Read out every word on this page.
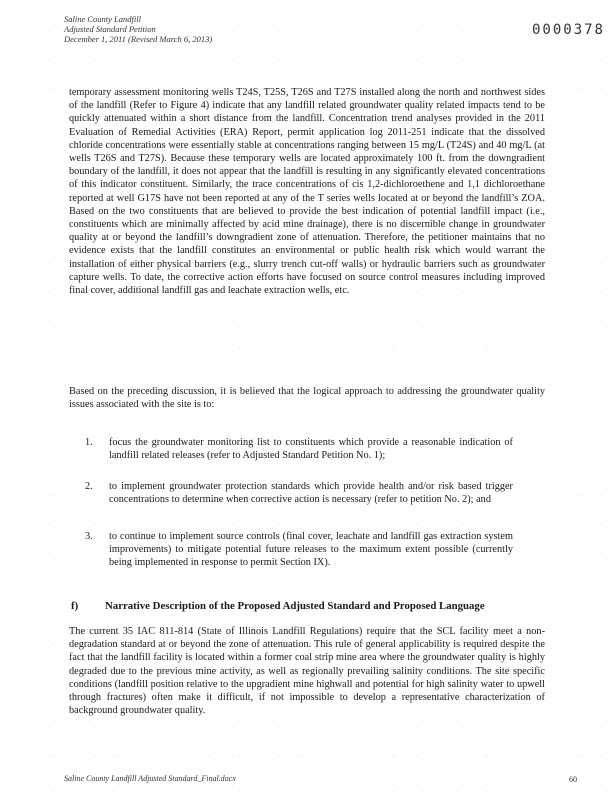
Saline County Landfill
Adjusted Standard Petition
December 1, 2011 (Revised March 6, 2013)
0000378

temporary assessment monitoring wells T24S, T25S, T26S and T27S installed along the north and northwest sides of the landfill (Refer to Figure 4) indicate that any landfill related groundwater quality related impacts tend to be quickly attenuated within a short distance from the landfill. Concentration trend analyses provided in the 2011 Evaluation of Remedial Activities (ERA) Report, permit application log 2011-251 indicate that the dissolved chloride concentrations were essentially stable at concentrations ranging between 15 mg/L (T24S) and 40 mg/L (at wells T26S and T27S). Because these temporary wells are located approximately 100 ft. from the downgradient boundary of the landfill, it does not appear that the landfill is resulting in any significantly elevated concentrations of this indicator constituent. Similarly, the trace concentrations of cis 1,2-dichloroethene and 1,1 dichloroethane reported at well G17S have not been reported at any of the T series wells located at or beyond the landfill’s ZOA. Based on the two constituents that are believed to provide the best indication of potential landfill impact (i.e., constituents which are minimally affected by acid mine drainage), there is no discernible change in groundwater quality at or beyond the landfill’s downgradient zone of attenuation. Therefore, the petitioner maintains that no evidence exists that the landfill constitutes an environmental or public health risk which would warrant the installation of either physical barriers (e.g., slurry trench cut-off walls) or hydraulic barriers such as groundwater capture wells. To date, the corrective action efforts have focused on source control measures including improved final cover, additional landfill gas and leachate extraction wells, etc.

Based on the preceding discussion, it is believed that the logical approach to addressing the groundwater quality issues associated with the site is to:

1. focus the groundwater monitoring list to constituents which provide a reasonable indication of landfill related releases (refer to Adjusted Standard Petition No. 1);
2. to implement groundwater protection standards which provide health and/or risk based trigger concentrations to determine when corrective action is necessary (refer to petition No. 2); and
3. to continue to implement source controls (final cover, leachate and landfill gas extraction system improvements) to mitigate potential future releases to the maximum extent possible (currently being implemented in response to permit Section IX).
f) Narrative Description of the Proposed Adjusted Standard and Proposed Language

The current 35 IAC 811-814 (State of Illinois Landfill Regulations) require that the SCL facility meet a non-degradation standard at or beyond the zone of attenuation. This rule of general applicability is required despite the fact that the landfill facility is located within a former coal strip mine area where the groundwater quality is highly degraded due to the previous mine activity, as well as regionally prevailing salinity conditions. The site specific conditions (landfill position relative to the upgradient mine highwall and potential for high salinity water to upwell through fractures) often make it difficult, if not impossible to develop a representative characterization of background groundwater quality.

Saline County Landfill Adjusted Standard_Final.docx	60
